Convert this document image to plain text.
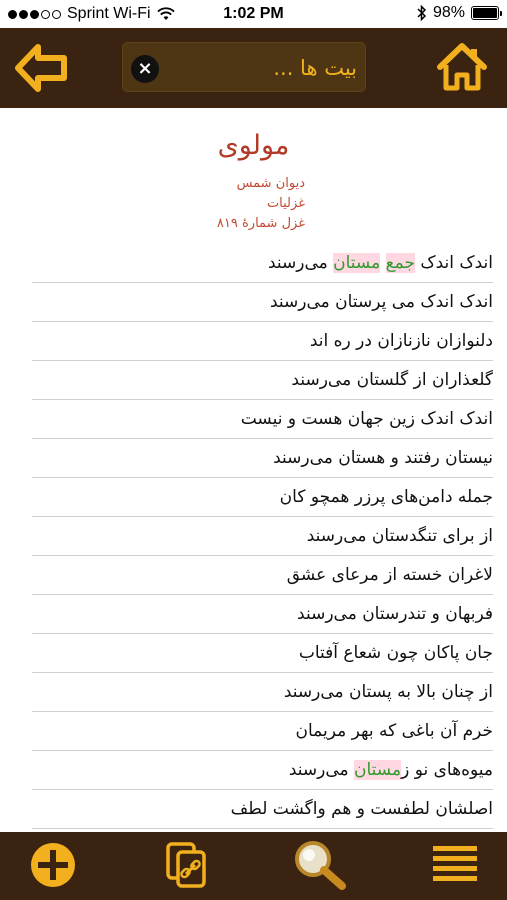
Sprint Wi-Fi	1:02 PM	98%
×	بیت ها ...
مولوی
دیوان شمس
غزلیات
غزل شمارهٔ ۸۱۹
اندک اندک جمع مستان می‌رسند
اندک اندک می پرستان می‌رسند
دلنوازان نازنازان در ره اند
گلعذاران از گلستان می‌رسند
اندک اندک زین جهان هست و نیست
نیستان رفتند و هستان می‌رسند
جمله دامن‌های پرزر همچو کان
از برای تنگدستان می‌رسند
لاغران خسته از مرعای عشق
فربهان و تندرستان می‌رسند
جان پاکان چون شعاع آفتاب
از چنان بالا به پستان می‌رسند
خرم آن باغی که بهر مریمان
میوه‌های نو زمستان می‌رسند
اصلشان لطفست و هم واگشت لطف
